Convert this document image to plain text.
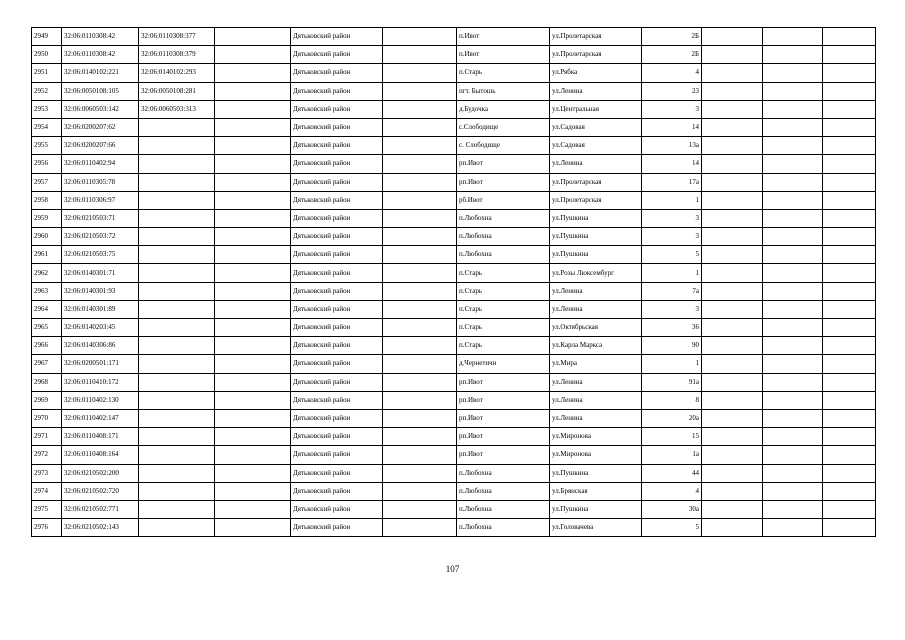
2949	32:06:0110308:42	32:06:0110308:377		Дятьковский район		п.Ивот	ул.Пролетарская	2Б			
2950	32:06:0110308:42	32:06:0110308:379		Дятьковский район		п.Ивот	ул.Пролетарская	2Б			
2951	32:06:0140102:221	32:06:0140102:293		Дятьковский район		п.Старь	ул.Рябка	4			
2952	32:06:0050108:105	32:06:0050108:281		Дятьковский район		пгт. Бытошь	ул.Ленина	23			
2953	32:06:0060503:142	32:06:0060503:313		Дятьковский район		д.Будочка	ул.Центральная	3			
2954	32:06:0200207:62			Дятьковский район		с.Слободище	ул.Садовая	14			
2955	32:06:0200207:66			Дятьковский район		с. Слободище	ул.Садовая	13а			
2956	32:06:0110402:94			Дятьковский район		рп.Ивот	ул.Ленина	14			
2957	32:06:0110305:78			Дятьковский район		рп.Ивот	ул.Пролетарская	17а			
2958	32:06:0110306:97			Дятьковский район		рб.Ивот	ул.Пролетарская	1			
2959	32:06:0210503:71			Дятьковский район		п.Любохна	ул.Пушкина	3			
2960	32:06:0210503:72			Дятьковский район		п.Любохна	ул.Пушкина	3			
2961	32:06:0210503:75			Дятьковский район		п.Любохна	ул.Пушкина	5			
2962	32:06:0140301:71			Дятьковский район		п.Старь	ул.Розы Люксембург	1			
2963	32:06:0140301:93			Дятьковский район		п.Старь	ул.Ленина	7а			
2964	32:06:0140301:89			Дятьковский район		п.Старь	ул.Ленина	3			
2965	32:06:0140203:45			Дятьковский район		п.Старь	ул.Октябрьская	36			
2966	32:06:0140306:86			Дятьковский район		п.Старь	ул.Карла Маркса	90			
2967	32:06:0200501:171			Дятьковский район		д.Чернетичи	ул.Мира	1			
2968	32:06:0110410:172			Дятьковский район		рп.Ивот	ул.Ленина	91а			
2969	32:06:0110402:130			Дятьковский район		рп.Ивот	ул.Ленина	8			
2970	32:06:0110402:147			Дятьковский район		рп.Ивот	ул.Ленина	20а			
2971	32:06:0110408:171			Дятьковский район		рп.Ивот	ул.Миронова	15			
2972	32:06:0110408:164			Дятьковский район		рп.Ивот	ул.Миронова	1а			
2973	32:06:0210502:200			Дятьковский район		п.Любохна	ул.Пушкина	44			
2974	32:06:0210502:720			Дятьковский район		п.Любохна	ул.Брянская	4			
2975	32:06:0210502:771			Дятьковский район		п.Любохна	ул.Пушкина	30а			
2976	32:06:0210502:143			Дятьковский район		п.Любохна	ул.Головачева	5			
107
